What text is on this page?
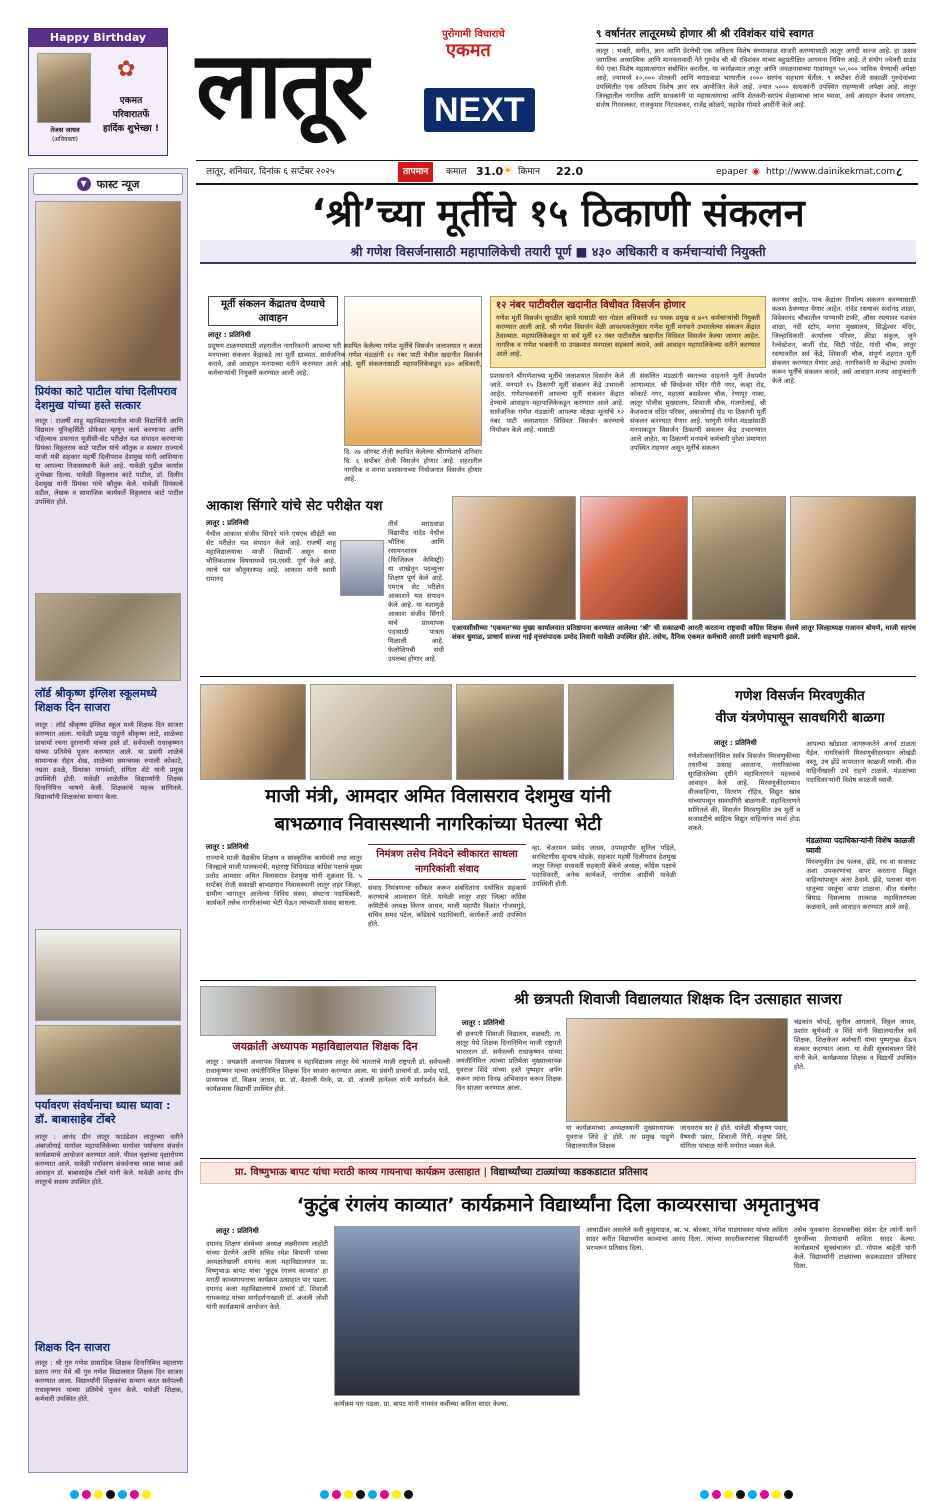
Happy Birthday
✿
तेजस जाधव
(अधिवक्ता)
एकमत
परिवारातर्फे
हार्दिक शुभेच्छा ! लातूर	पुरोगामी विचाराचे
एकमत
NEXT
९ वर्षानंतर लातूरमध्ये होणार श्री श्री रविशंकर यांचे स्वागत
लातूर : भक्ती, संगीत, ज्ञान आणि प्रेरणेची एक अतिशय विशेष संध्याकाळ साजरी करण्यासाठी लातूर अगदी सज्ज आहे. हा उत्सव जागतिक अध्यात्मिक आणि मानवतावादी नेते गुरुदेव श्री श्री रविशंकर यांच्या बहुप्रतीक्षित आगमना निमित्त आहे. ते संयोग ज्वेलरी ग्राउंड येथे एका विशेष महासत्संगात संबोधित करतील. या कार्यक्रमात लातूर आणि जवळपासच्या गावांमधून ५०,००० भाविक येण्याची अपेक्षा आहे, ज्यामध्ये १०,००० शेतकरी आणि मराठवाडा भागातील २००० सरपंच सहभाग घेतील. ९ सप्टेंबर रोजी सकाळी गुरुदेवांच्या उपस्थितीत एक अतिशय विशेष ज्ञान सत्र आयोजित केले आहे. ज्यात ५००० साधकांनी उपस्थित राहण्याची अपेक्षा आहे. लातूर जिल्ह्यातील नागरिक आणि साधकांनी या महासत्संगाचा आणि शेतकरी-सरपंच मेळाव्याचा लाभ घ्यावा, असे आवाहन केशव जगताप, संतोष गिरवलकर, राजकुमार निटवलकर, राजेंद्र कोळपे, महादेव गोमारे आदींनी केले आहे.
लातूर, शनिवार, दिनांक ६ सप्टेंबर २०२५	तापमान	कमाल 31.0
☀ किमान 22.0	epaper ◉ http://www.dainikekmat.com ८
▼ फास्ट न्यूज
प्रियंका काटे पाटील यांचा दिलीपराव देशमुख यांच्या हस्ते सत्कार
लातूर : राजर्षी शाहू महाविद्यालयातील माजी विद्यार्थिनी आणि विद्यमान यूनिव्हर्सिटी प्रोफेसर म्हणून कार्य करणाऱ्या आणि पहिल्याच प्रयत्नात यूजीसी-सेट परीक्षेत यश संपादन करणाऱ्या प्रियंका विठ्ठलराव काटे पाटील यांचे कौतुक व सत्कार राज्याचे माजी मंत्री सहकार महर्षी दिलीपराव देशमुख यांनी आशियाना या आपल्या निवासस्थानी केले आहे. यावेळी पुढील कार्यास शुभेच्छा दिल्या. यावेळी विठ्ठलराव काटे पाटील, डॉ. दिलीप देशमुख यांनी प्रियंका यांचे कौतुक केले. यावेळी प्रियंकाचे वडील, लेखक व सामाजिक कार्यकर्ते विठ्ठलराव काटे पाटील उपस्थित होते.
लॉर्ड श्रीकृष्ण इंग्लिश स्कूलमध्ये शिक्षक दिन साजरा
लातूर : लॉर्ड श्रीकृष्ण इंग्लिश स्कूल मध्ये शिक्षक दिन साजरा करण्यात आला. यावेळी प्रमुख पाहुणे श्रीकृष्ण लाटे, शाळेच्या प्राचार्या रचना दुरानाणी यांच्या हस्ते डॉ. सर्वपल्ली राधाकृष्णन यांच्या प्रतिमेचे पूजन करण्यात आले. या प्रसंगी शाळेचे सामान्यक रोहन शेख, शाळेच्या समन्वयक रुपाली कोकाटे, नम्रता ढवळे, प्रियांका नागवंशी, संगिता शेटे यांनी प्रमुख उपस्थिती होती. यावेळी शाळेतील विद्यार्थ्यांनी शिक्षक दिनानिमित्त भाषणे केली. शिक्षकांचे महत्त्व सांगितले. विद्यार्थ्यांनी शिक्षकांचा सन्मान केला.
पर्यावरण संवर्धनाचा ध्यास घ्यावा : डॉ. बाबासाहेब टोंबरे
लातूर : आनंद ग्रीन लातूर फाउंडेशन लातूरच्या वतीने अंबाजोगाई मार्गावर महापालिकेच्या मार्गावर पर्यावरण संवर्धन कार्यक्रमाचे आयोजन करण्यात आले. पीपल वृक्षांच्या वृक्षारोपण करण्यात आले. यावेळी पर्यावरण संवर्धनाचा ध्यास घ्यावा असे आवाहन डॉ. बाबासाहेब टोंबरे यांनी केले. यावेळी आनंद ग्रीन लातूरचे सदस्य उपस्थित होते.
शिक्षक दिन साजरा
लातूर : श्री गुरु गणेश प्रासादिक शिक्षक दिनानिमित्त महाराणा प्रताप नगर येथे श्री गुरु गणेश विद्यालयात शिक्षक दिन साजरा करण्यात आला. विद्यार्थ्यांनी शिक्षकांचा सन्मान करत सर्वपल्ली राधाकृष्णन यांच्या प्रतिमेचे पूजन केले. यावेळी शिक्षक, कर्मचारी उपस्थित होते.
‘श्री’च्या मूर्तीचे १५ ठिकाणी संकलन
श्री गणेश विसर्जनासाठी महापालिकेची तयारी पूर्ण ■ ४३० अधिकारी व कर्मचाऱ्यांची नियुक्ती
मूर्ती संकलन केंद्रातच देण्याचे आवाहन
लातूर : प्रतिनिधी
प्रदूषण टाळण्यासाठी शहरातील नागरिकांनी आपल्या घरी स्थापित केलेल्या गणेश मूर्तीचे विसर्जन जलाशयात न करता मनपाच्या संकलन केंद्राकडे त्या मूर्ती द्याव्यात. सार्वजनिक गणेश मंडळांनी १२ नंबर पाटी येथील खदानीत विसर्जन करावे, असे आवाहन मनपाच्या वतीने करण्यात आले आहे. मूर्ती संकलनासाठी महापालिकेकडून ४३० अधिकारी, कर्मचाऱ्यांची नियुक्ती करण्यात आली आहे.
दि. २७ ऑगस्ट रोजी स्थापित केलेल्या श्रीगणेशाचे शनिवार दि. ६ सप्टेंबर रोजी विसर्जन होणार आहे. शहरातील नागरिक व मनपा प्रशासनाच्या नियोजनात विसर्जन होणार आहे.
१२ नंबर पाटीवरील खदानीत विधीवत विसर्जन होणार
गणेश मूर्ती विसर्जन सुरळीत व्हावे यासाठी चार नोडल अधिकारी १४ पथक प्रमुख व ४०९ कर्मचाऱ्यांची नियुक्ती करण्यात आली आहे. श्री गणेश विसर्जन वेळी आवश्यकतेनुसार गणेश मूर्ती मनपाने उभारलेल्या संकलन केंद्रात ठेवाव्यात. महापालिकेकडून या सर्व मूर्ती १२ नंबर पाटीवरील खदानीत विधिवत विसर्जन केल्या जाणार आहेत. नागरिक व गणेश भक्तांनी या उपक्रमात मनपाला सहकार्य करावे, असे आवाहन महापालिकेच्या वतीने करण्यात आले आहे.
प्रशासनाने श्रीगणेशाच्या मूर्तीचे जलाशयात विसर्जन केले जाते. मनपाने १५ ठिकाणी मूर्ती संकलन केंद्रे उभारली आहेत. गणेशभक्तांनी आपल्या मूर्ती संकलन केंद्रात देण्याचे आवाहन महापालिकेकडून करण्यात आले आहे. सार्वजनिक गणेश मंडळांनी आपल्या मोठ्या मूर्त्यांचे १२ नंबर पाटी जलाशयात विधिवत विसर्जन करण्याचे नियोजन केले आहे. यासाठी
ती संकलित मंडळांनी स्वतःच्या वाहनाने मूर्ती तेथपर्यंत आणाव्यात. श्री सिध्देश्वर मंदिर गौरी नगर, कव्हा रोड, कोकाटे नगर, महात्मा बसवेश्वर चौक, रेणापूर नाका, लातूर पोलीस मुख्यालय, शिवाजी चौक, गंजगोलाई, श्री केशवराज मंदिर परिसर, अंबाजोगाई रोड या ठिकाणी मूर्ती संकलन करण्यात येणार आहे. घरगुती गणेश मंडळांसाठी मनपाकडून विसर्जन ठिकाणी संकलन केंद्र उभारण्यात आले आहेत. या ठिकाणी मनपाचे कर्मचारी पुरेशा प्रमाणात उपस्थित राहणार असून मूर्तीचे संकलन
करणार आहेत. पाच केंद्रांवर निर्माल्य संकलन करण्यासाठी कलश ठेवण्यात येणार आहेत. नांदेड रस्त्यावर सर्वानंद शाळा, विवेकानंद चौकातील पाण्याची टाकी, औसा रस्त्यावर यशवंत शाळा, नंदी स्टॉप, मनपा मुख्यालय, सिद्धेश्वर मंदिर, जिल्हाधिकारी कार्यालय परिसर, क्रीडा संकुल, जुने रेल्वेस्टेशन, बार्शी रोड, सिटी पॉईंट, गांधी चौक, लातूर रस्त्यावरील सर्व केंद्रे, शिवाजी चौक, संपूर्ण शहरात मूर्ती संकलन करण्यात येणार आहे. नागरिकांनी या केंद्रांचा उपयोग करून मूर्तींचे संकलन करावे, असे आवाहन मनपा आयुक्तांनी केले आहे.
आकाश सिंगारे यांचे सेट परीक्षेत यश
लातूर : प्रतिनिधी
येथील आकाश संजीव सिंगारे यांने एमएच सीईटी च्या सेट परीक्षेत यश संपादन केले आहे. राजर्षी शाहू महाविद्यालयाचा माजी विद्यार्थी असून सध्या भौतिकशास्त्र विषयामध्ये एम.एस्सी. पूर्ण केले आहे. त्याचे यश कौतुकास्पद आहे. आकाश यांनी स्वामी रामानंद
तीर्थ मराठवाडा विद्यापीठ नांदेड येथील भौतिक आणि रसायनशास्त्र (फिजिकल केमिस्ट्री) या शाखेतून पदव्युत्तर शिक्षण पूर्ण केले आहे. एमएच सेट परीक्षेत आकाशने यश संपादन केले आहे. या यशामुळे आकाश संजीव सिंगारे याचे प्राध्यापक पदासाठी पात्रता मिळाली आहे. फेलोशिपची संधी उपलब्ध होणार आहे.
एआयसीसीच्या ‘एकमत’च्या मुख्य कार्यालयात प्रतिष्ठापना करण्यात आलेल्या ‘श्री’ ची सकाळची आरती करताना राष्ट्रवादी काँग्रेस शिक्षक सेलचे लातूर जिल्हाध्यक्ष गजानन बोयणे, माजी सरपंच शंकर धुमाळ, प्राचार्य सज्जा गाई वृत्तसंपादक प्रमोद तिवारी यावेळी उपस्थित होते. तसेच, दैनिक एकमत कर्मचारी आरती प्रसंगी सहभागी झाले.
माजी मंत्री, आमदार अमित विलासराव देशमुख यांनी
बाभळगाव निवासस्थानी नागरिकांच्या घेतल्या भेटी
लातूर : प्रतिनिधी
राज्याचे माजी वैद्यकीय शिक्षण व सांस्कृतिक कार्यमंत्री तथा लातूर जिल्ह्याचे माजी पालकमंत्री, महाराष्ट्र विधिमंडळ काँग्रेस पक्षाचे मुख्य प्रतोद आमदार अमित विलासराव देशमुख यांनी शुक्रवार दि. ५ सप्टेंबर रोजी सकाळी बाभळगाव निवासस्थानी लातूर शहर जिल्हा, ग्रामीण भागातून आलेल्या विविध संस्था, संघटना पदाधिकारी, कार्यकर्ते तसेच नागरिकांच्या भेटी घेऊन त्यांच्याशी संवाद साधला.
निमंत्रण तसेच निवेदने स्वीकारत साधला नागरिकांशी संवाद
संवाद निमंत्रणाचा स्वीकार करून संबंधितांना यथोचित सहकार्य करण्याचे आश्वासन दिले. यावेळी लातूर शहर जिल्हा काँग्रेस कमिटीचे अध्यक्ष किरण जाधव, माजी महापौर विक्रांत गोजमगुंडे, सचिव समद पटेल, काँग्रेसचे पदाधिकारी, कार्यकर्ते आदी उपस्थित होते.
व्हा. चेअरमन प्रमोद जाधव, उपमहापौर सुनिल पडिले, सरचिटणीस सुभाष घोडके, सहकार महर्षी दिलीपराव देशमुख लातूर जिल्हा मध्यवर्ती सहकारी बँकेचे अध्यक्ष, काँग्रेस पक्षाचे पदाधिकारी, अनेक कार्यकर्ते, नागरिक आदींची यावेळी उपस्थिती होती.
गणेश विसर्जन मिरवणुकीत
वीज यंत्रणेपासून सावधगिरी बाळगा
लातूर : प्रतिनिधी
गणेशोत्सवानिमित्त सर्वत्र विसर्जन मिरवणुकीच्या तयारीचा उत्साह असताना, नागरिकांच्या सुरक्षिततेच्या दृष्टीने महावितरणने महत्त्वाचे आवाहन केले आहे. मिरवणुकीदरम्यान वीजवाहिन्या, वितरण रोहित्र, विद्युत खांब यांच्यापासून सावधगिरी बाळगावी. महावितरणने सांगितले की, विसर्जन मिरवणुकीत उंच मूर्ती व सजावटीचे साहित्य विद्युत वाहिन्यांना स्पर्श होऊ शकते.
आपल्या खोडाशा जागरूकतेने अनर्थ टाळता येईल. नागरिकांनी मिरवणुकीदरम्यान लोखंडी वस्तू, उंच झेंडे वापरताना काळजी घ्यावी. वीज वाहिनीखाली उभे राहणे टाळावे. मंडळांच्या पदाधिकाऱ्यांनी विशेष काळजी घ्यावी.
मंडळांच्या पदाधिकाऱ्यांनी विशेष काळजी घ्यावी
मिरवणुकीत उंच फलक, झेंडे, रथ वा सजावट अशा उपकरणांचा वापर करताना विद्युत वाहिन्यांपासून अंतर ठेवावे. झेंडे, पताका यांना धातूच्या वस्तूंचा वापर टाळावा. वीज यंत्रणेत बिघाड दिसल्यास तात्काळ महावितरणला कळवावे, असे आवाहन करण्यात आले आहे.
श्री छत्रपती शिवाजी विद्यालयात शिक्षक दिन उत्साहात साजरा
लातूर : प्रतिनिधी
श्री छत्रपती शिवाजी विद्यालय, मळवटी. ता. लातूर येथे शिक्षक दिनानिमित्त माजी राष्ट्रपती भारतरत्न डॉ. सर्वपल्ली राधाकृष्णन यांच्या जयंतीनिमित्त त्यांच्या प्रतिमेला मुख्याध्यापक युवराज शिंदे यांच्या हस्ते पुष्पहार अर्पण करून त्यांना विनम्र अभिवादन करून शिक्षक दिन साजरा करण्यात आला.
या कार्यक्रमाच्या अध्यक्षस्थानी मुख्याध्यापक युवराज शिंदे हे होते. तर प्रमुख पाहुणे विद्यालयातील शिक्षक
जाधवराव सर हे होते. यावेळी श्रीकृष्ण पवार, वैष्णवी पवार, शिवाजी गिरी, मंजुषा शिंदे, योगिता पांचाळ यांनी मनोगत व्यक्त केले.
चंद्रकांत चोपडे, सुनील आगलावे, विठ्ठल जाधव, प्रशांत सुर्यवंशी व शिंदे यांनी विद्यालयातील सर्व शिक्षक, शिक्षकेतर कर्मचारी यांचा पुष्पगुच्छ देऊन सत्कार करण्यात आला. या वेळी सूत्रसंचालन शिंदे यांनी केले. कार्यक्रमास शिक्षक व विद्यार्थी उपस्थित होते.
जयक्रांती अध्यापक महाविद्यालयात शिक्षक दिन
लातूर : जयक्रांती अध्यापक विद्यालय व महाविद्यालय लातूर येथे भारताचे माजी राष्ट्रपती डॉ. सर्वपल्ली राधाकृष्णन यांच्या जयंतीनिमित्त शिक्षक दिन साजरा करण्यात आला. या प्रसंगी प्राचार्य डॉ. प्रमोद पांडे, प्राध्यापक डॉ. विक्रम जाधव, प्रा. डॉ. वैशाली येरके, प्रा. डॉ. अंजली ज्ञानेश्वर यांनी मार्गदर्शन केले. कार्यक्रमास विद्यार्थी उपस्थित होते.
प्रा. विष्णुभाऊ बापट यांचा मराठी काव्य गायनाचा कार्यक्रम उत्साहात | विद्यार्थ्यांच्या टाळ्यांच्या कडकडाटात प्रतिसाद
‘कुटुंब रंगलंय काव्यात’ कार्यक्रमाने विद्यार्थ्यांना दिला काव्यरसाचा अमृतानुभव
लातूर : प्रतिनिधी
दयानंद शिक्षण संस्थेच्या अध्यक्ष लक्ष्मीरमण लाहोटी यांच्या प्रेरणेने आणि सचिव रमेश बियाणी यांच्या अध्यक्षतेखाली दयानंद कला महाविद्यालयात प्रा. विष्णुभाऊ बापट यांचा ‘कुटुंब रंगलंय काव्यात’ हा मराठी काव्यगायनाचा कार्यक्रम उत्साहात पार पडला. दयानंद कला महाविद्यालयाचे प्राचार्य डॉ. शिवाजी गायकवाड यांच्या मार्गदर्शनाखाली डॉ. अंजली जोशी यांनी कार्यक्रमाचे आयोजन केले.
कार्यक्रम पार पडला. प्रा. बापट यांनी नामवंत कवींच्या कविता सादर केल्या.
आघाडीवर असलेले कवी कुसुमाग्रज, बा. भ. बोरकर, मंगेश पाडगावकर यांच्या कविता सादर करीत विद्यार्थ्यांना काव्याचा आनंद दिला. त्यांच्या सादरीकरणाला विद्यार्थ्यांनी भरभरून प्रतिसाद दिला.
तसेच युवकांना देशभक्तीचा संदेश देत त्यांनी सानें गुरुजींच्या प्रेरणादायी कविता सादर केल्या. कार्यक्रमाचे सूत्रसंचालन डॉ. गोपाल बाहेती यांनी केले. विद्यार्थ्यांनी टाळ्यांच्या कडकडाटात प्रतिसाद दिला.
